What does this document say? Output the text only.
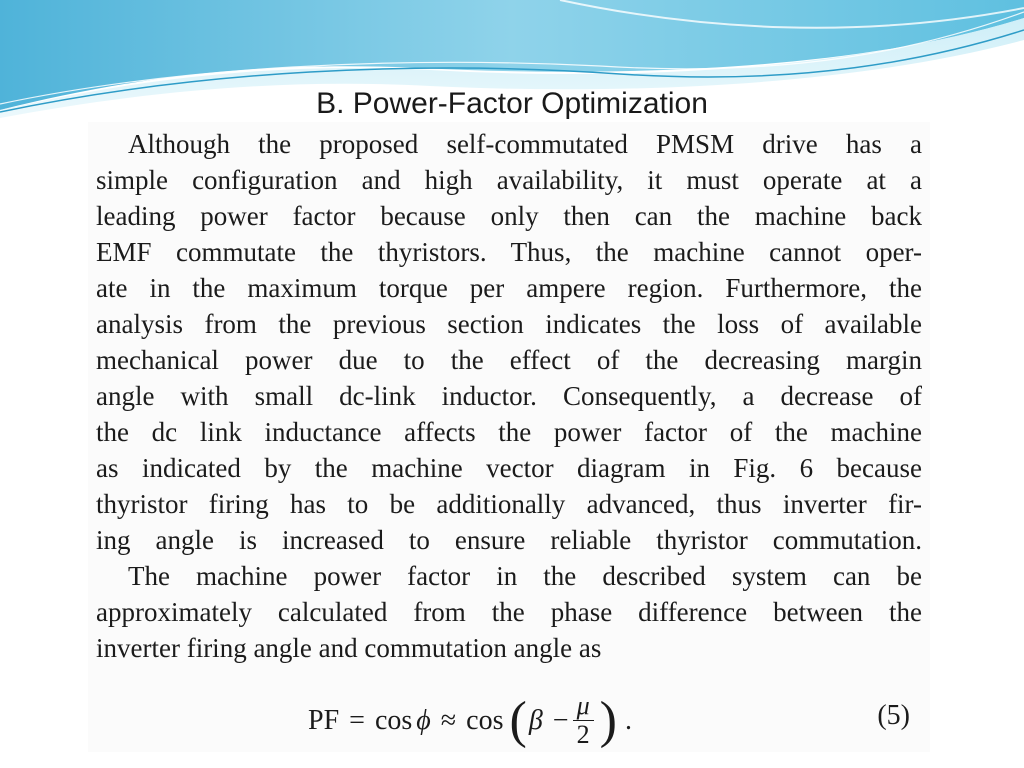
B. Power-Factor Optimization

Although the proposed self-commutated PMSM drive has a
simple configuration and high availability, it must operate at a
leading power factor because only then can the machine back
EMF commutate the thyristors. Thus, the machine cannot oper-
ate in the maximum torque per ampere region. Furthermore, the
analysis from the previous section indicates the loss of available
mechanical power due to the effect of the decreasing margin
angle with small dc-link inductor. Consequently, a decrease of
the dc link inductance affects the power factor of the machine
as indicated by the machine vector diagram in Fig. 6 because
thyristor firing has to be additionally advanced, thus inverter fir-
ing angle is increased to ensure reliable thyristor commutation.

The machine power factor in the described system can be
approximately calculated from the phase difference between the
inverter firing angle and commutation angle as

PF = cos ϕ ≈ cos ( $\beta - \frac{\mu}{2}$ ) .	(5)
